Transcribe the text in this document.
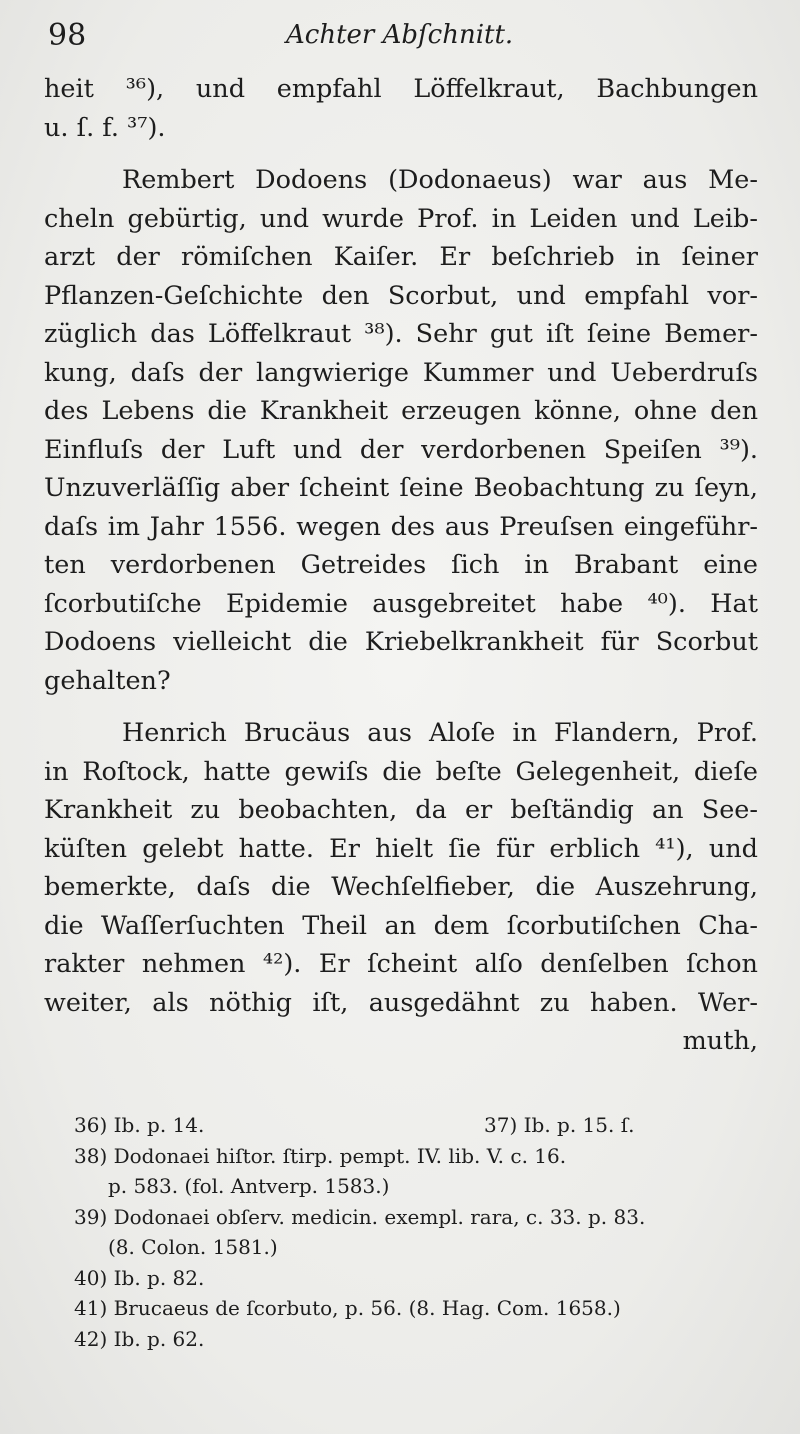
98	Achter Abſchnitt.
heit ³⁶), und empfahl Löffelkraut, Bachbungen
u. ſ. f. ³⁷).
Rembert Dodoens (Dodonaeus) war aus Me-
cheln gebürtig, und wurde Prof. in Leiden und Leib-
arzt der römiſchen Kaiſer. Er beſchrieb in ſeiner
Pflanzen-Geſchichte den Scorbut, und empfahl vor-
züglich das Löffelkraut ³⁸). Sehr gut iſt ſeine Bemer-
kung, daſs der langwierige Kummer und Ueberdruſs
des Lebens die Krankheit erzeugen könne, ohne den
Einfluſs der Luft und der verdorbenen Speiſen ³⁹).
Unzuverläſſig aber ſcheint ſeine Beobachtung zu ſeyn,
daſs im Jahr 1556. wegen des aus Preuſsen eingeführ-
ten verdorbenen Getreides ſich in Brabant eine
ſcorbutiſche Epidemie ausgebreitet habe ⁴⁰). Hat
Dodoens vielleicht die Kriebelkrankheit für Scorbut
gehalten?
Henrich Brucäus aus Aloſe in Flandern, Prof.
in Roſtock, hatte gewiſs die beſte Gelegenheit, dieſe
Krankheit zu beobachten, da er beſtändig an See-
küſten gelebt hatte. Er hielt ſie für erblich ⁴¹), und
bemerkte, daſs die Wechſelfieber, die Auszehrung,
die Waſſerſuchten Theil an dem ſcorbutiſchen Cha-
rakter nehmen ⁴²). Er ſcheint alſo denſelben ſchon
weiter, als nöthig iſt, ausgedähnt zu haben. Wer-
muth,
36) Ib. p. 14.	37) Ib. p. 15. ſ.
38) Dodonaei hiſtor. ſtirp. pempt. IV. lib. V. c. 16.
p. 583. (fol. Antverp. 1583.)
39) Dodonaei obſerv. medicin. exempl. rara, c. 33. p. 83.
(8. Colon. 1581.)
40) Ib. p. 82.
41) Brucaeus de ſcorbuto, p. 56. (8. Hag. Com. 1658.)
42) Ib. p. 62.
